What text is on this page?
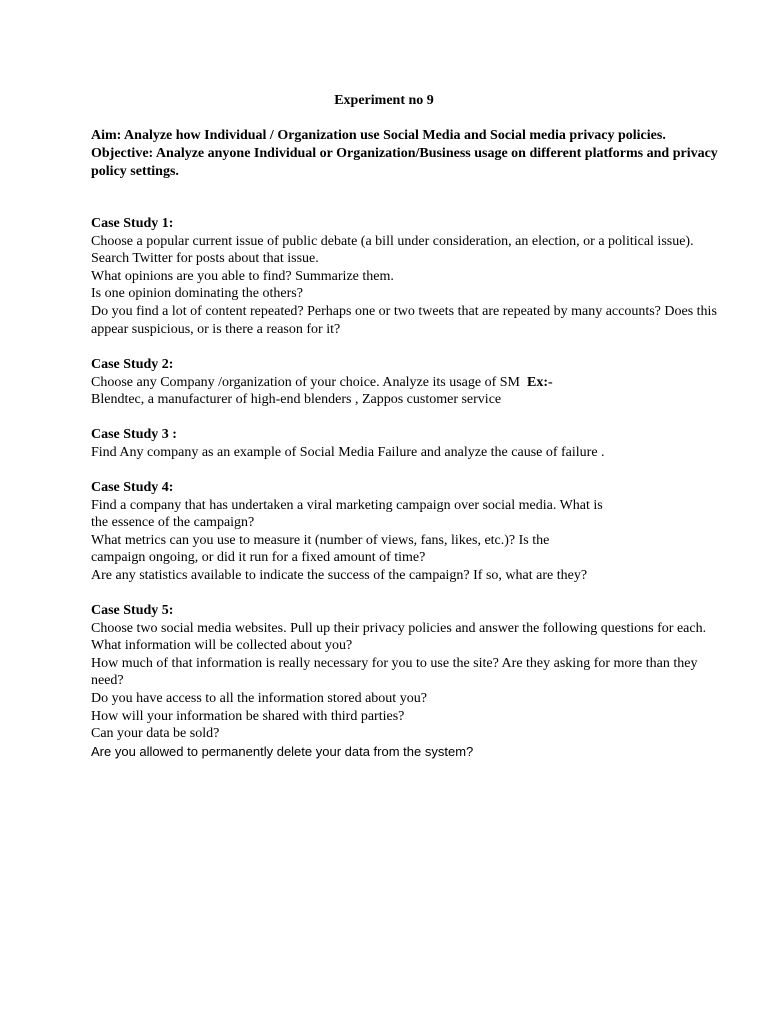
Experiment no 9

Aim: Analyze how Individual / Organization use Social Media and Social media privacy policies.

Objective: Analyze anyone Individual or Organization/Business usage on different platforms and privacy

policy settings.

Case Study 1:

Choose a popular current issue of public debate (a bill under consideration, an election, or a political issue).

Search Twitter for posts about that issue.

What opinions are you able to find? Summarize them.

Is one opinion dominating the others?

Do you find a lot of content repeated? Perhaps one or two tweets that are repeated by many accounts? Does this

appear suspicious, or is there a reason for it?

Case Study 2:

Choose any Company /organization of your choice. Analyze its usage of SM  Ex:-

Blendtec, a manufacturer of high-end blenders , Zappos customer service

Case Study 3 :

Find Any company as an example of Social Media Failure and analyze the cause of failure .

Case Study 4:

Find a company that has undertaken a viral marketing campaign over social media. What is

the essence of the campaign?

What metrics can you use to measure it (number of views, fans, likes, etc.)? Is the

campaign ongoing, or did it run for a fixed amount of time?

Are any statistics available to indicate the success of the campaign? If so, what are they?

Case Study 5:

Choose two social media websites. Pull up their privacy policies and answer the following questions for each.

What information will be collected about you?

How much of that information is really necessary for you to use the site? Are they asking for more than they

need?

Do you have access to all the information stored about you?

How will your information be shared with third parties?

Can your data be sold?

Are you allowed to permanently delete your data from the system?
